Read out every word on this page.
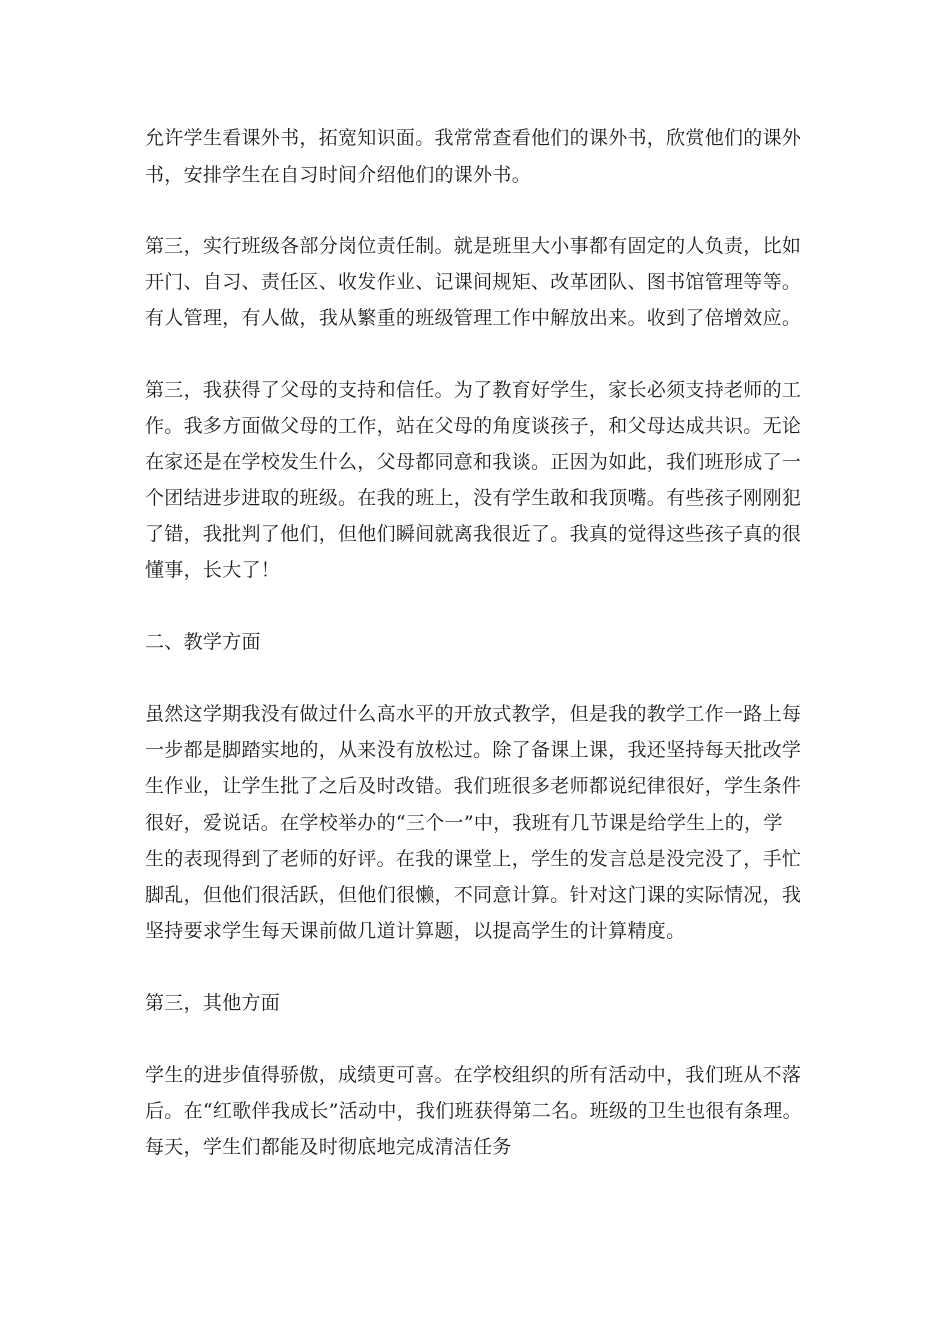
允许学生看课外书，拓宽知识面。我常常查看他们的课外书，欣赏他们的课外
书，安排学生在自习时间介绍他们的课外书。
第三，实行班级各部分岗位责任制。就是班里大小事都有固定的人负责，比如
开门、自习、责任区、收发作业、记课间规矩、改革团队、图书馆管理等等。
有人管理，有人做，我从繁重的班级管理工作中解放出来。收到了倍增效应。
第三，我获得了父母的支持和信任。为了教育好学生，家长必须支持老师的工
作。我多方面做父母的工作，站在父母的角度谈孩子，和父母达成共识。无论
在家还是在学校发生什么，父母都同意和我谈。正因为如此，我们班形成了一
个团结进步进取的班级。在我的班上，没有学生敢和我顶嘴。有些孩子刚刚犯
了错，我批判了他们，但他们瞬间就离我很近了。我真的觉得这些孩子真的很
懂事，长大了！
二、教学方面
虽然这学期我没有做过什么高水平的开放式教学，但是我的教学工作一路上每
一步都是脚踏实地的，从来没有放松过。除了备课上课，我还坚持每天批改学
生作业，让学生批了之后及时改错。我们班很多老师都说纪律很好，学生条件
很好，爱说话。在学校举办的“三个一”中，我班有几节课是给学生上的，学
生的表现得到了老师的好评。在我的课堂上，学生的发言总是没完没了，手忙
脚乱，但他们很活跃，但他们很懒，不同意计算。针对这门课的实际情况，我
坚持要求学生每天课前做几道计算题，以提高学生的计算精度。
第三，其他方面
学生的进步值得骄傲，成绩更可喜。在学校组织的所有活动中，我们班从不落
后。在“红歌伴我成长”活动中，我们班获得第二名。班级的卫生也很有条理。
每天，学生们都能及时彻底地完成清洁任务
